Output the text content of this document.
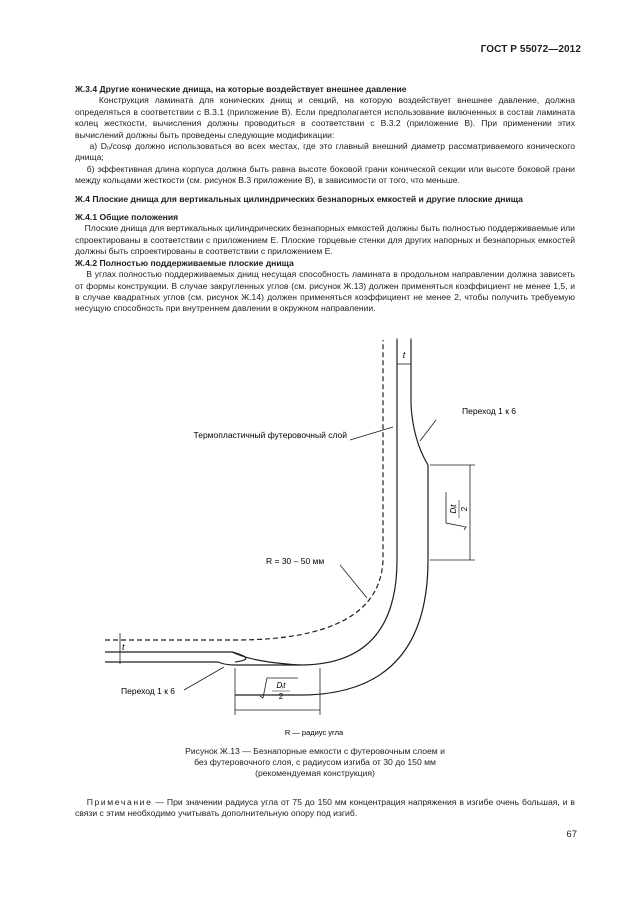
ГОСТ Р 55072—2012

Ж.3.4 Другие конические днища, на которые воздействует внешнее давление

Конструкция ламината для конических днищ и секций, на которую воздействует внешнее давление, должна определяться в соответствии с В.3.1 (приложение В). Если предполагается использование включенных в состав ламината колец жесткости, вычисления должны проводиться в соответствии с В.3.2 (приложение В). При применении этих вычислений должны быть проведены следующие модификации:

а) Dₒ/cosφ должно использоваться во всех местах, где это главный внешний диаметр рассматриваемого конического днища;

б) эффективная длина корпуса должна быть равна высоте боковой грани конической секции или высоте боковой грани между кольцами жесткости (см. рисунок В.3 приложение В), в зависимости от того, что меньше.

Ж.4 Плоские днища для вертикальных цилиндрических безнапорных емкостей и другие плоские днища

Ж.4.1 Общие положения

Плоские днища для вертикальных цилиндрических безнапорных емкостей должны быть полностью поддерживаемые или спроектированы в соответствии с приложением Е. Плоские торцевые стенки для других напорных и безнапорных емкостей должны быть спроектированы в соответствии с приложением Е.

Ж.4.2 Полностью поддерживаемые плоские днища

В углах полностью поддерживаемых днищ несущая способность ламината в продольном направлении должна зависеть от формы конструкции. В случае закругленных углов (см. рисунок Ж.13) должен применяться коэффициент не менее 1,5, и в случае квадратных углов (см. рисунок Ж.14) должен применяться коэффициент не менее 2, чтобы получить требуемую несущую способность при внутреннем давлении в окружном направлении.

t
t
Термопластичный футеровочный слой
Переход 1 к 6
Переход 1 к 6
R = 30 – 50 мм
Dᵢt 2
Dᵢt
2
R — радиус угла
Рисунок Ж.13 — Безнапорные емкости с футеровочным слоем и
без футеровочного слоя, с радиусом изгиба от 30 до 150 мм
(рекомендуемая конструкция)
Примечание — При значении радиуса угла от 75 до 150 мм концентрация напряжения в изгибе очень большая, и в связи с этим необходимо учитывать дополнительную опору под изгиб.
67
